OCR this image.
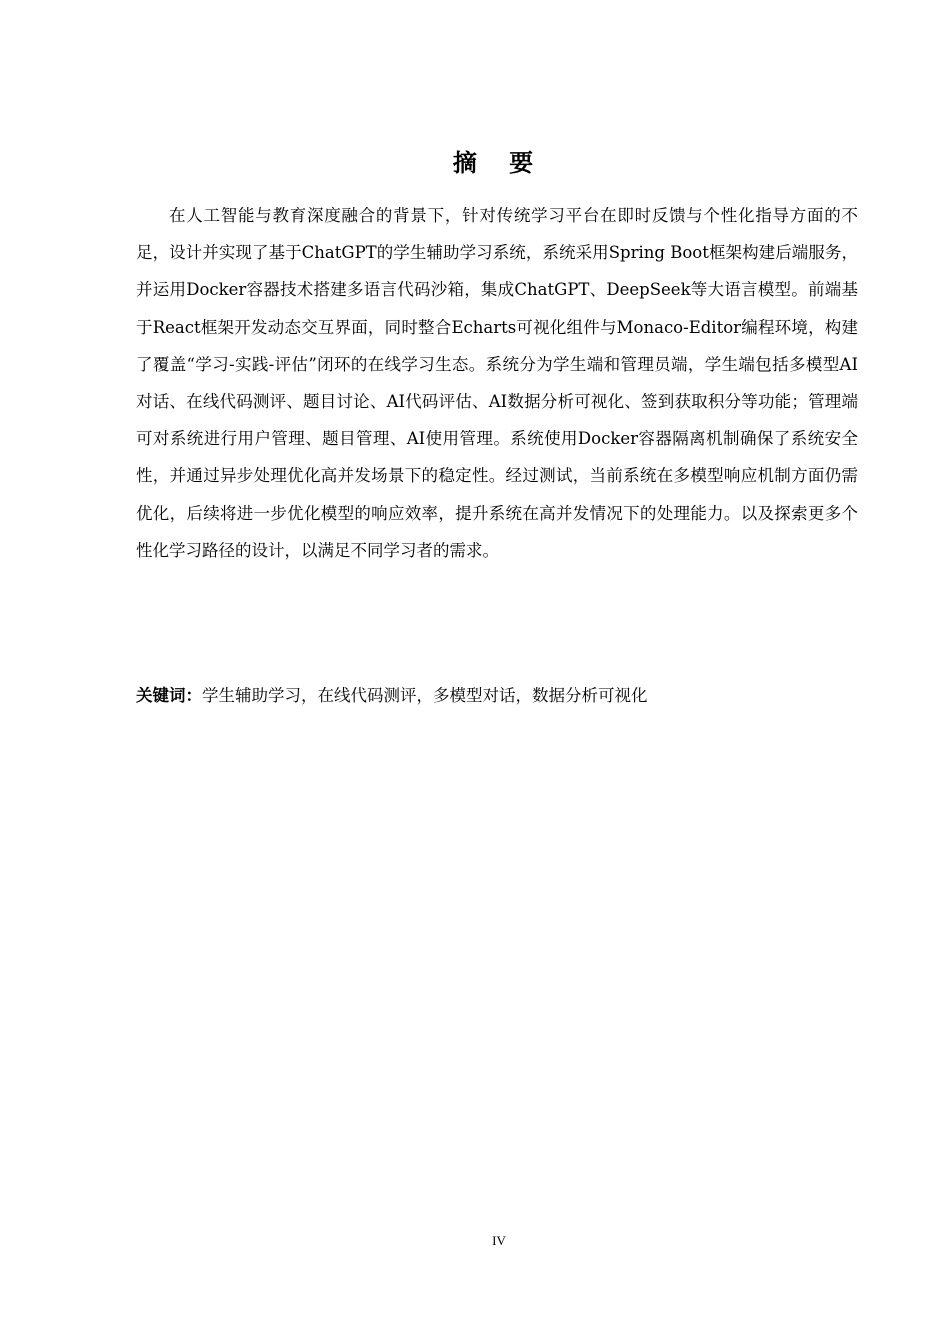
摘 要

在人工智能与教育深度融合的背景下，针对传统学习平台在即时反馈与个性化指导方面的不足，设计并实现了基于ChatGPT的学生辅助学习系统，系统采用Spring Boot框架构建后端服务，并运用Docker容器技术搭建多语言代码沙箱，集成ChatGPT、DeepSeek等大语言模型。前端基于React框架开发动态交互界面，同时整合Echarts可视化组件与Monaco-Editor编程环境，构建了覆盖“学习-实践-评估”闭环的在线学习生态。系统分为学生端和管理员端，学生端包括多模型AI对话、在线代码测评、题目讨论、AI代码评估、AI数据分析可视化、签到获取积分等功能；管理端可对系统进行用户管理、题目管理、AI使用管理。系统使用Docker容器隔离机制确保了系统安全性，并通过异步处理优化高并发场景下的稳定性。经过测试，当前系统在多模型响应机制方面仍需优化，后续将进一步优化模型的响应效率，提升系统在高并发情况下的处理能力。以及探索更多个性化学习路径的设计，以满足不同学习者的需求。

关键词：学生辅助学习，在线代码测评，多模型对话，数据分析可视化
IV
